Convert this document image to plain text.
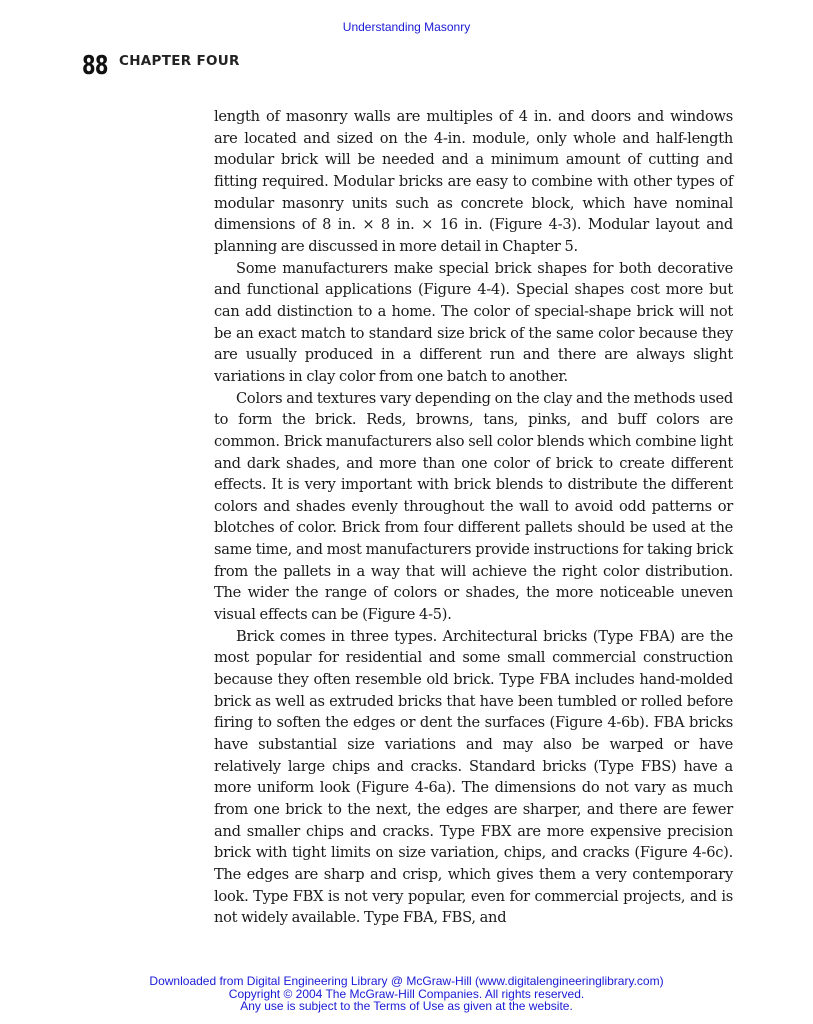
Understanding Masonry
88 CHAPTER FOUR

length of masonry walls are multiples of 4 in. and doors and windows are located and sized on the 4-in. module, only whole and half-length modular brick will be needed and a minimum amount of cutting and fitting required. Modular bricks are easy to combine with other types of modular masonry units such as concrete block, which have nominal dimensions of 8 in. × 8 in. × 16 in. (Figure 4-3). Modular layout and planning are discussed in more detail in Chapter 5.

Some manufacturers make special brick shapes for both decorative and functional applications (Figure 4-4). Special shapes cost more but can add distinction to a home. The color of special-shape brick will not be an exact match to standard size brick of the same color because they are usually produced in a different run and there are always slight variations in clay color from one batch to another.

Colors and textures vary depending on the clay and the methods used to form the brick. Reds, browns, tans, pinks, and buff colors are common. Brick manufacturers also sell color blends which combine light and dark shades, and more than one color of brick to create different effects. It is very important with brick blends to distribute the different colors and shades evenly throughout the wall to avoid odd patterns or blotches of color. Brick from four different pallets should be used at the same time, and most manufacturers provide instructions for taking brick from the pallets in a way that will achieve the right color distribution. The wider the range of colors or shades, the more noticeable uneven visual effects can be (Figure 4-5).

Brick comes in three types. Architectural bricks (Type FBA) are the most popular for residential and some small commercial construction because they often resemble old brick. Type FBA includes hand-molded brick as well as extruded bricks that have been tumbled or rolled before firing to soften the edges or dent the surfaces (Figure 4-6b). FBA bricks have substantial size variations and may also be warped or have relatively large chips and cracks. Standard bricks (Type FBS) have a more uniform look (Figure 4-6a). The dimensions do not vary as much from one brick to the next, the edges are sharper, and there are fewer and smaller chips and cracks. Type FBX are more expensive precision brick with tight limits on size variation, chips, and cracks (Figure 4-6c). The edges are sharp and crisp, which gives them a very contemporary look. Type FBX is not very popular, even for commercial projects, and is not widely available. Type FBA, FBS, and

Downloaded from Digital Engineering Library @ McGraw-Hill (www.digitalengineeringlibrary.com)
Copyright © 2004 The McGraw-Hill Companies. All rights reserved.
Any use is subject to the Terms of Use as given at the website.
